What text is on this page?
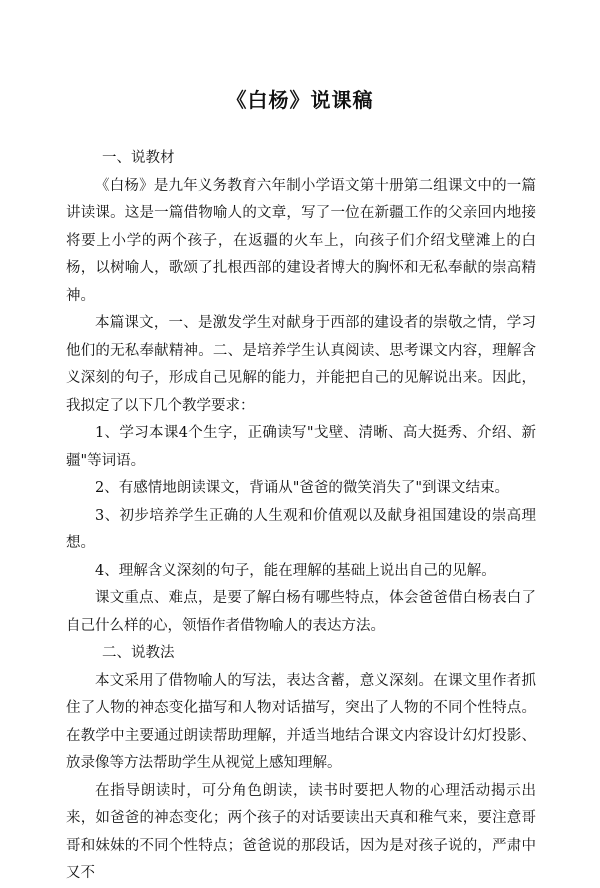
《白杨》说课稿
一、说教材

《白杨》是九年义务教育六年制小学语文第十册第二组课文中的一篇讲读课。这是一篇借物喻人的文章，写了一位在新疆工作的父亲回内地接将要上小学的两个孩子，在返疆的火车上，向孩子们介绍戈壁滩上的白杨，以树喻人，歌颂了扎根西部的建设者博大的胸怀和无私奉献的崇高精神。

本篇课文，一、是激发学生对献身于西部的建设者的崇敬之情，学习他们的无私奉献精神。二、是培养学生认真阅读、思考课文内容，理解含义深刻的句子，形成自己见解的能力，并能把自己的见解说出来。因此，我拟定了以下几个教学要求：

1、学习本课4个生字，正确读写"戈壁、清晰、高大挺秀、介绍、新疆"等词语。

2、有感情地朗读课文，背诵从"爸爸的微笑消失了"到课文结束。

3、初步培养学生正确的人生观和价值观以及献身祖国建设的崇高理想。

4、理解含义深刻的句子，能在理解的基础上说出自己的见解。

课文重点、难点，是要了解白杨有哪些特点，体会爸爸借白杨表白了自己什么样的心，领悟作者借物喻人的表达方法。

二、说教法

本文采用了借物喻人的写法，表达含蓄，意义深刻。在课文里作者抓住了人物的神态变化描写和人物对话描写，突出了人物的不同个性特点。在教学中主要通过朗读帮助理解，并适当地结合课文内容设计幻灯投影、放录像等方法帮助学生从视觉上感知理解。

在指导朗读时，可分角色朗读，读书时要把人物的心理活动揭示出来，如爸爸的神态变化；两个孩子的对话要读出天真和稚气来，要注意哥哥和妹妹的不同个性特点；爸爸说的那段话，因为是对孩子说的，严肃中又不
